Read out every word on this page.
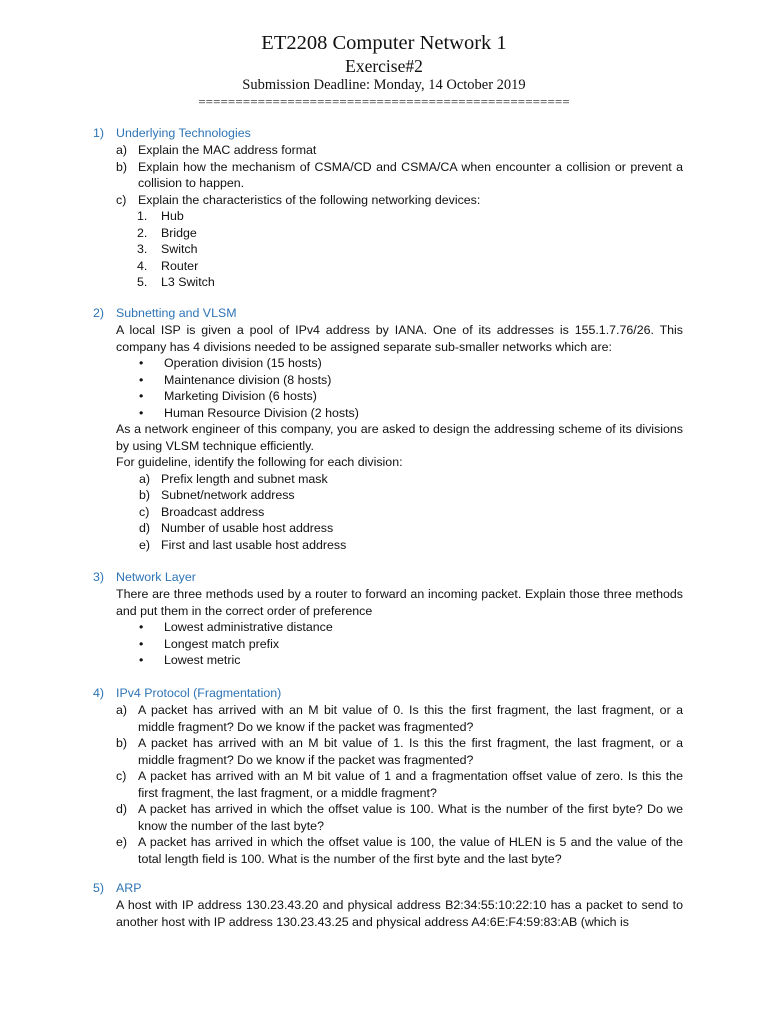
ET2208 Computer Network 1
Exercise#2
Submission Deadline: Monday, 14 October 2019
==================================================
1) Underlying Technologies
a) Explain the MAC address format
b) Explain how the mechanism of CSMA/CD and CSMA/CA when encounter a collision or prevent a collision to happen.
c) Explain the characteristics of the following networking devices:
1.	Hub
2.	Bridge
3.	Switch
4.	Router
5.	L3 Switch
2) Subnetting and VLSM

A local ISP is given a pool of IPv4 address by IANA. One of its addresses is 155.1.7.76/26. This company has 4 divisions needed to be assigned separate sub-smaller networks which are:

•	Operation division (15 hosts)
•	Maintenance division (8 hosts)
•	Marketing Division (6 hosts)
•	Human Resource Division (2 hosts)

As a network engineer of this company, you are asked to design the addressing scheme of its divisions by using VLSM technique efficiently.

For guideline, identify the following for each division:

a) Prefix length and subnet mask
b) Subnet/network address
c) Broadcast address
d) Number of usable host address
e) First and last usable host address
3) Network Layer

There are three methods used by a router to forward an incoming packet. Explain those three methods and put them in the correct order of preference

•	Lowest administrative distance
•	Longest match prefix
•	Lowest metric
4) IPv4 Protocol (Fragmentation)
a) A packet has arrived with an M bit value of 0. Is this the first fragment, the last fragment, or a middle fragment? Do we know if the packet was fragmented?
b) A packet has arrived with an M bit value of 1. Is this the first fragment, the last fragment, or a middle fragment? Do we know if the packet was fragmented?
c) A packet has arrived with an M bit value of 1 and a fragmentation offset value of zero. Is this the first fragment, the last fragment, or a middle fragment?
d) A packet has arrived in which the offset value is 100. What is the number of the first byte? Do we know the number of the last byte?
e) A packet has arrived in which the offset value is 100, the value of HLEN is 5 and the value of the total length field is 100. What is the number of the first byte and the last byte?
5) ARP

A host with IP address 130.23.43.20 and physical address B2:34:55:10:22:10 has a packet to send to another host with IP address 130.23.43.25 and physical address A4:6E:F4:59:83:AB (which is
